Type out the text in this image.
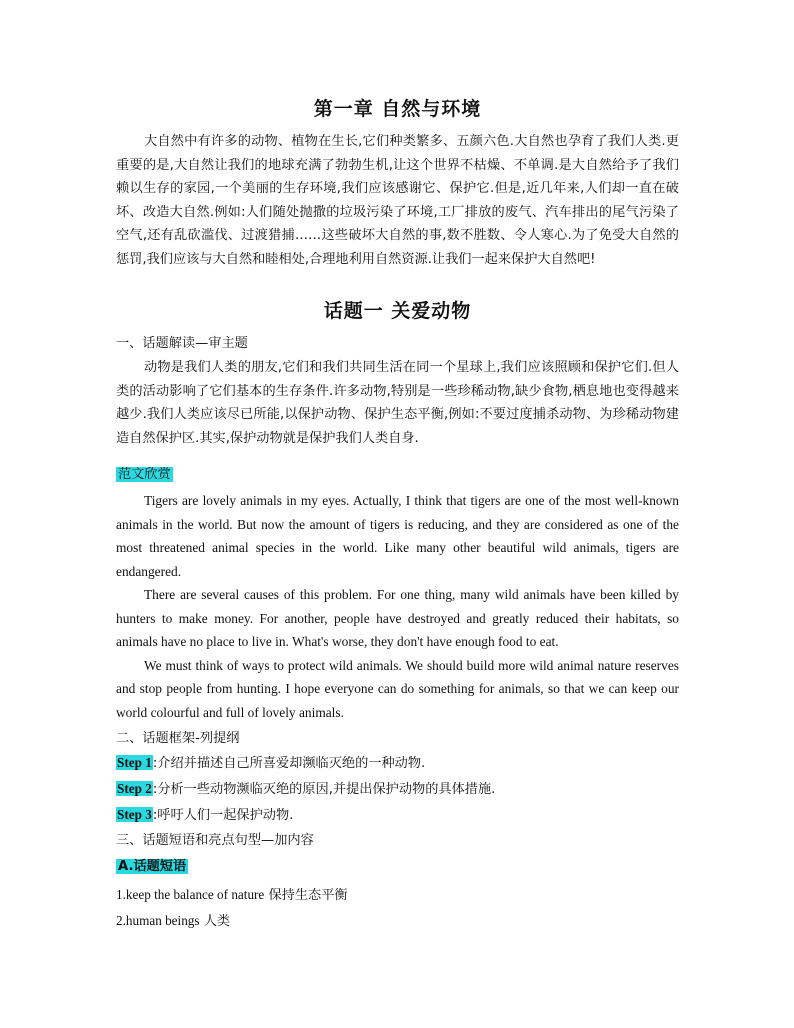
第一章 自然与环境

大自然中有许多的动物、植物在生长,它们种类繁多、五颜六色.大自然也孕育了我们人类.更重要的是,大自然让我们的地球充满了勃勃生机,让这个世界不枯燥、不单调.是大自然给予了我们赖以生存的家园,一个美丽的生存环境,我们应该感谢它、保护它.但是,近几年来,人们却一直在破坏、改造大自然.例如:人们随处抛撒的垃圾污染了环境,工厂排放的废气、汽车排出的尾气污染了空气,还有乱砍滥伐、过渡猎捕……这些破坏大自然的事,数不胜数、令人寒心.为了免受大自然的惩罚,我们应该与大自然和睦相处,合理地利用自然资源.让我们一起来保护大自然吧!

话题一 关爱动物
一、话题解读—审主题

动物是我们人类的朋友,它们和我们共同生活在同一个星球上,我们应该照顾和保护它们.但人类的活动影响了它们基本的生存条件.许多动物,特别是一些珍稀动物,缺少食物,栖息地也变得越来越少.我们人类应该尽已所能,以保护动物、保护生态平衡,例如:不要过度捕杀动物、为珍稀动物建造自然保护区.其实,保护动物就是保护我们人类自身.

范文欣赏

Tigers are lovely animals in my eyes. Actually, I think that tigers are one of the most well-known animals in the world. But now the amount of tigers is reducing, and they are considered as one of the most threatened animal species in the world. Like many other beautiful wild animals, tigers are endangered.

There are several causes of this problem. For one thing, many wild animals have been killed by hunters to make money. For another, people have destroyed and greatly reduced their habitats, so animals have no place to live in. What's worse, they don't have enough food to eat.

We must think of ways to protect wild animals. We should build more wild animal nature reserves and stop people from hunting. I hope everyone can do something for animals, so that we can keep our world colourful and full of lovely animals.

二、话题框架-列提纲
Step 1:介绍并描述自己所喜爱却濒临灭绝的一种动物.
Step 2:分析一些动物濒临灭绝的原因,并提出保护动物的具体措施.
Step 3:呼吁人们一起保护动物.
三、话题短语和亮点句型—加内容
A.话题短语
1.keep the balance of nature 保持生态平衡
2.human beings 人类
